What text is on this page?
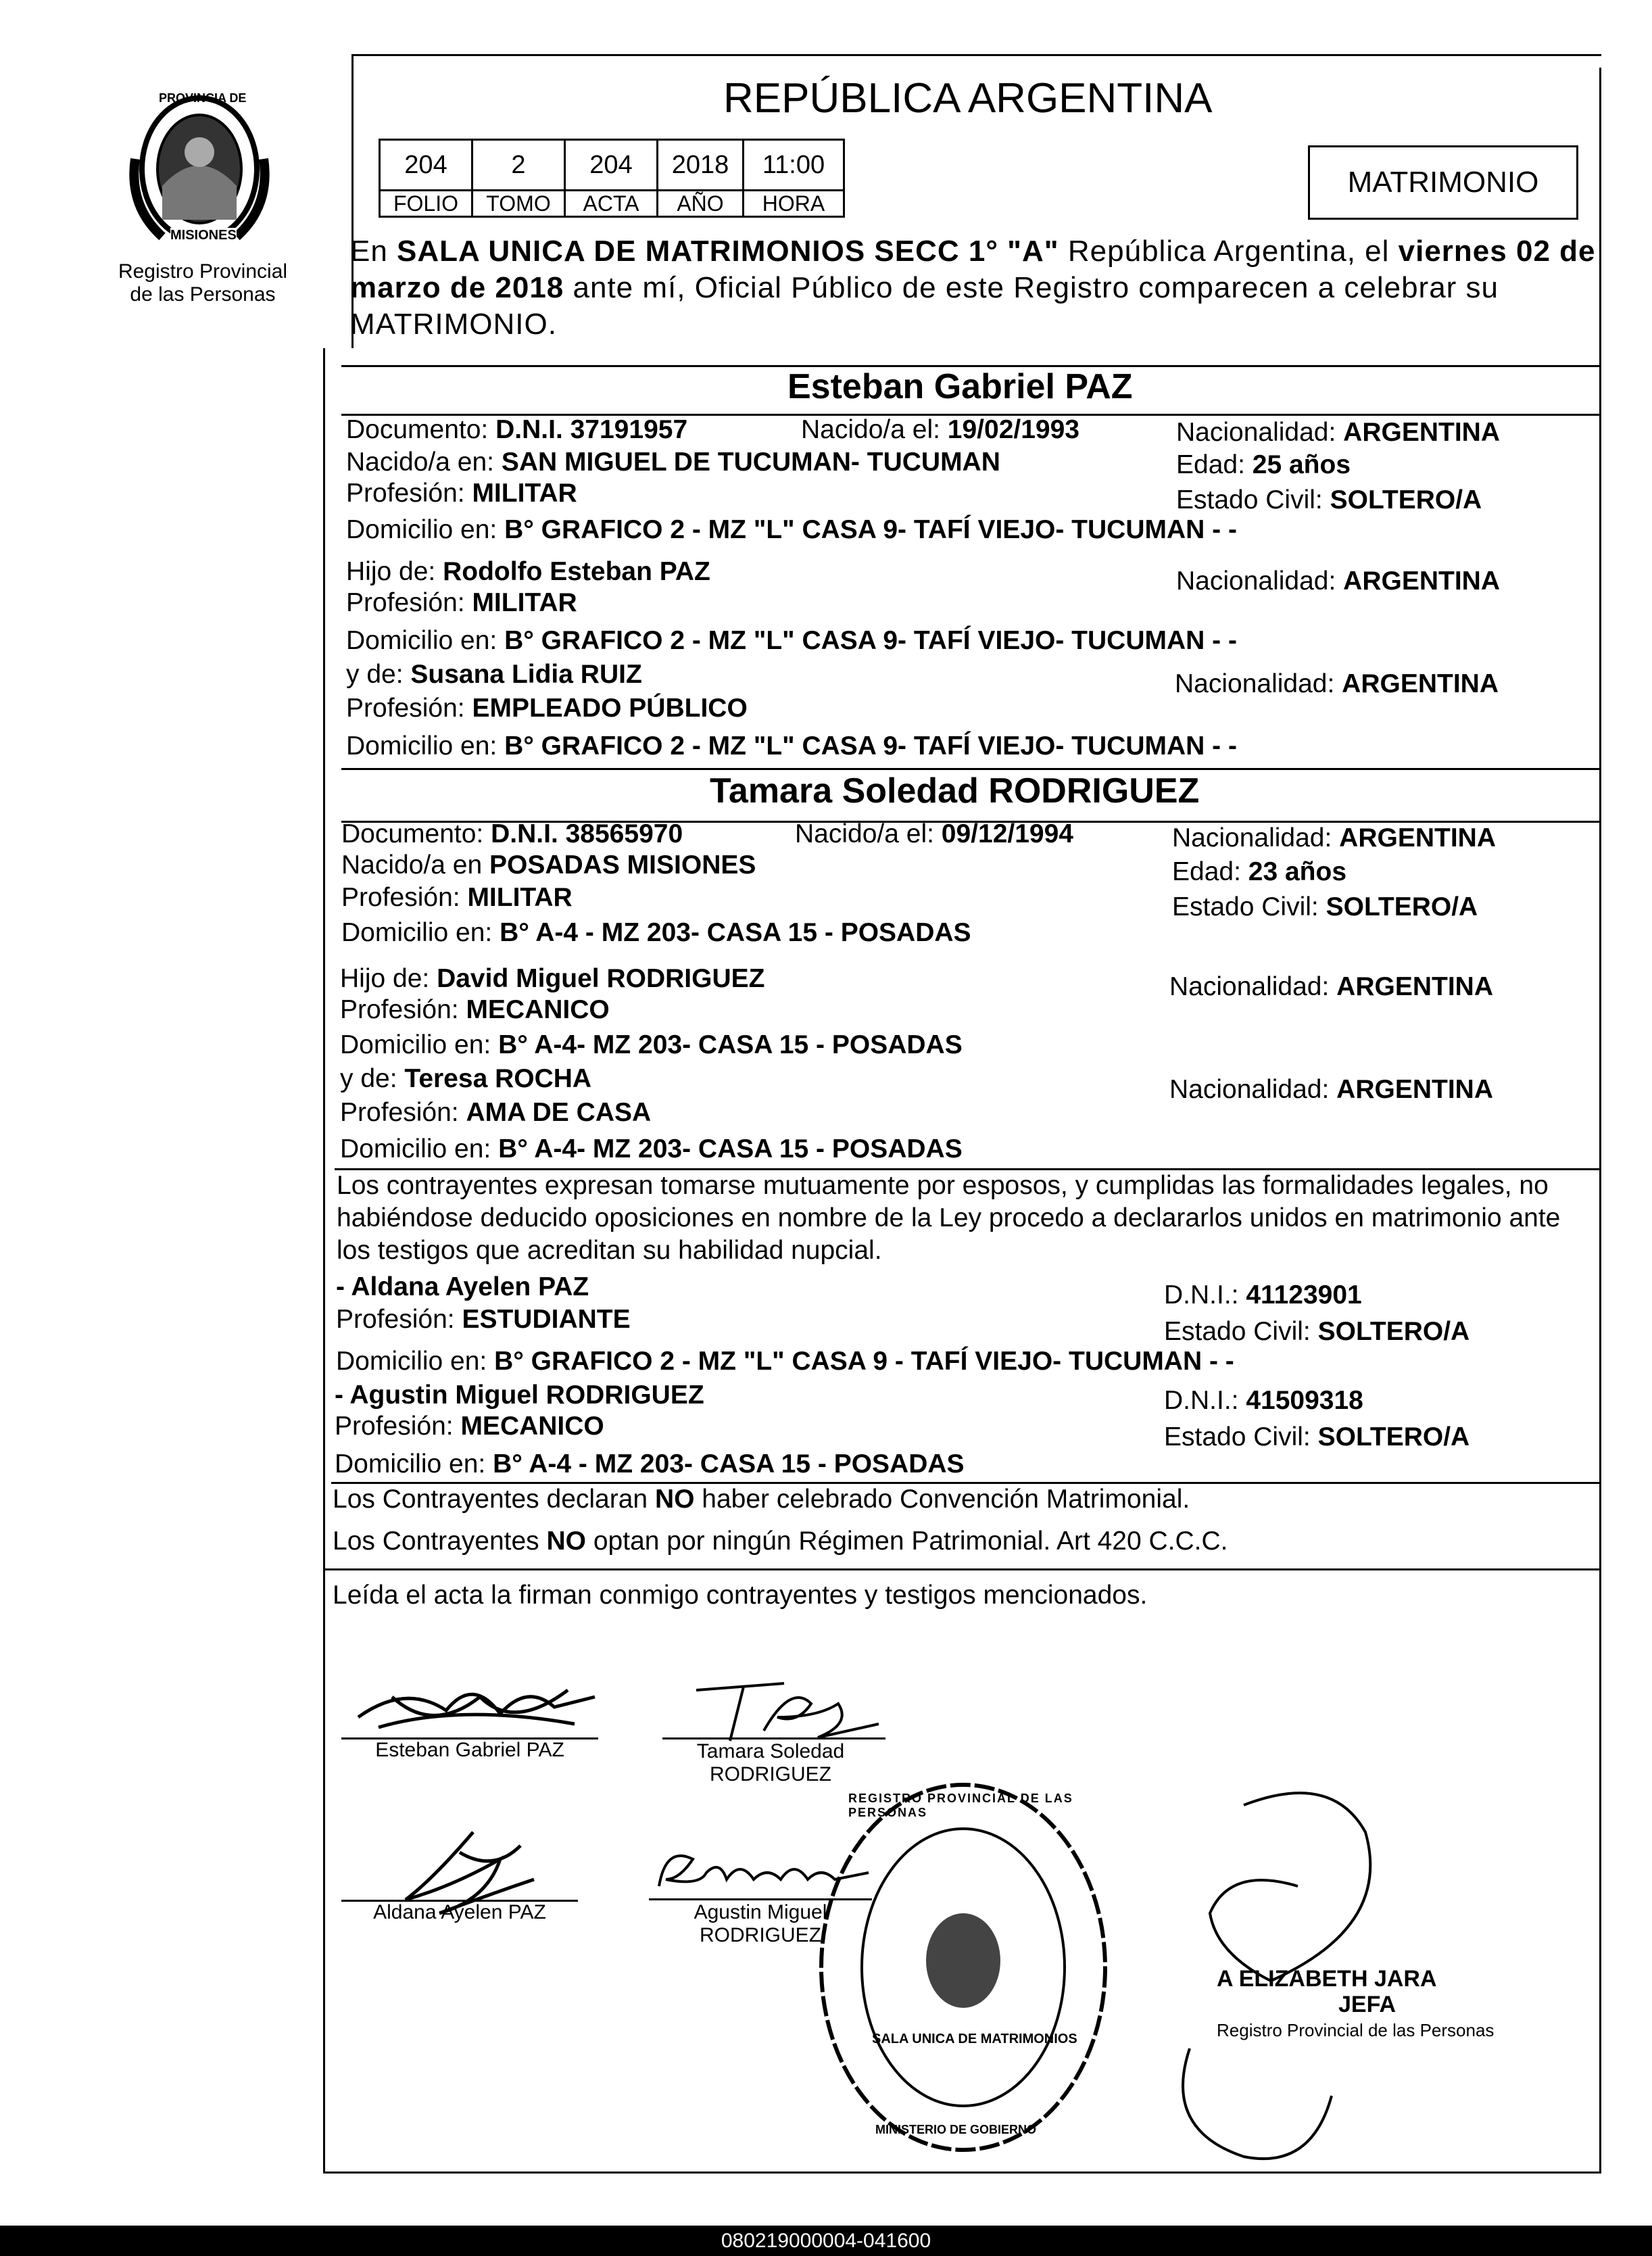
PROVINCIA DE
MISIONES
Registro Provincial
de las Personas
REPÚBLICA ARGENTINA
204	2	204	2018	11:00
FOLIO	TOMO	ACTA	AÑO	HORA
MATRIMONIO
En SALA UNICA DE MATRIMONIOS SECC 1° "A" República Argentina, el viernes 02 de
marzo de 2018 ante mí, Oficial Público de este Registro comparecen a celebrar su
MATRIMONIO.
Esteban Gabriel PAZ
Documento: D.N.I. 37191957	Nacido/a el: 19/02/1993	Nacionalidad: ARGENTINA
Nacido/a en: SAN MIGUEL DE TUCUMAN- TUCUMAN	Edad: 25 años
Profesión: MILITAR	Estado Civil: SOLTERO/A
Domicilio en: B° GRAFICO 2 - MZ "L" CASA 9- TAFÍ VIEJO- TUCUMAN - -
Hijo de: Rodolfo Esteban PAZ	Nacionalidad: ARGENTINA
Profesión: MILITAR
Domicilio en: B° GRAFICO 2 - MZ "L" CASA 9- TAFÍ VIEJO- TUCUMAN - -
y de: Susana Lidia RUIZ	Nacionalidad: ARGENTINA
Profesión: EMPLEADO PÚBLICO
Domicilio en: B° GRAFICO 2 - MZ "L" CASA 9- TAFÍ VIEJO- TUCUMAN - -
Tamara Soledad RODRIGUEZ
Documento: D.N.I. 38565970	Nacido/a el: 09/12/1994	Nacionalidad: ARGENTINA
Nacido/a en POSADAS MISIONES	Edad: 23 años
Profesión: MILITAR	Estado Civil: SOLTERO/A
Domicilio en: B° A-4 - MZ 203- CASA 15 - POSADAS
Hijo de: David Miguel RODRIGUEZ	Nacionalidad: ARGENTINA
Profesión: MECANICO
Domicilio en: B° A-4- MZ 203- CASA 15 - POSADAS
y de: Teresa ROCHA	Nacionalidad: ARGENTINA
Profesión: AMA DE CASA
Domicilio en: B° A-4- MZ 203- CASA 15 - POSADAS
Los contrayentes expresan tomarse mutuamente por esposos, y cumplidas las formalidades legales, no
habiéndose deducido oposiciones en nombre de la Ley procedo a declararlos unidos en matrimonio ante
los testigos que acreditan su habilidad nupcial.
- Aldana Ayelen PAZ	D.N.I.: 41123901
Profesión: ESTUDIANTE	Estado Civil: SOLTERO/A
Domicilio en: B° GRAFICO 2 - MZ "L" CASA 9 - TAFÍ VIEJO- TUCUMAN - -
- Agustin Miguel RODRIGUEZ	D.N.I.: 41509318
Profesión: MECANICO	Estado Civil: SOLTERO/A
Domicilio en: B° A-4 - MZ 203- CASA 15 - POSADAS
Los Contrayentes declaran NO haber celebrado Convención Matrimonial.
Los Contrayentes NO optan por ningún Régimen Patrimonial. Art 420 C.C.C.
Leída el acta la firman conmigo contrayentes y testigos mencionados.
Esteban Gabriel PAZ	Tamara Soledad
RODRIGUEZ
Aldana Ayelen PAZ	Agustin Miguel
RODRIGUEZ
REGISTRO PROVINCIAL DE LAS PERSONAS
SALA UNICA DE MATRIMONIOS
MINISTERIO DE GOBIERNO
A ELIZABETH JARA
JEFA
Registro Provincial de las Personas
080219000004-041600
